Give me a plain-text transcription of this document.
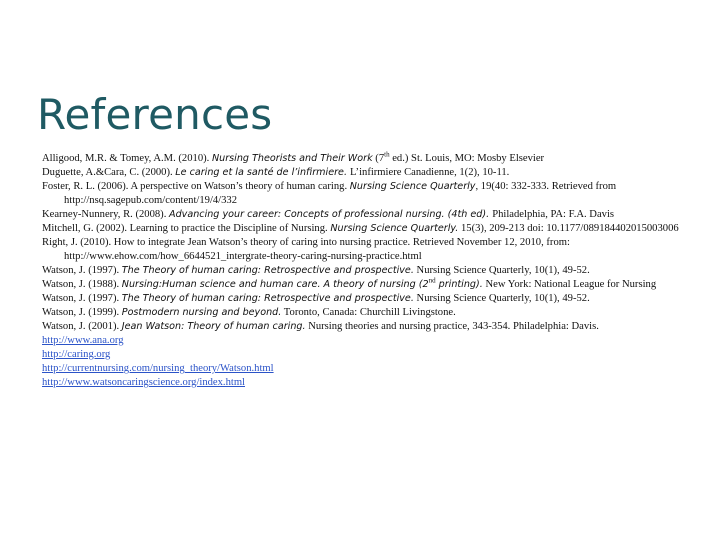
References

Alligood, M.R. & Tomey, A.M. (2010). Nursing Theorists and Their Work (7th ed.) St. Louis, MO: Mosby Elsevier

Duguette, A.&Cara, C. (2000). Le caring et la santé de l’infirmiere. L’infirmiere Canadienne, 1(2), 10-11.

Foster, R. L. (2006). A perspective on Watson’s theory of human caring. Nursing Science Quarterly, 19(40: 332-333. Retrieved from http://nsq.sagepub.com/content/19/4/332

Kearney-Nunnery, R. (2008). Advancing your career: Concepts of professional nursing. (4th ed). Philadelphia, PA: F.A. Davis

Mitchell, G. (2002). Learning to practice the Discipline of Nursing. Nursing Science Quarterly. 15(3), 209-213 doi: 10.1177/089184402015003006

Right, J. (2010). How to integrate Jean Watson’s theory of caring into nursing practice. Retrieved November 12, 2010, from: http://www.ehow.com/how_6644521_intergrate-theory-caring-nursing-practice.html

Watson, J. (1997). The Theory of human caring: Retrospective and prospective. Nursing Science Quarterly, 10(1), 49-52.

Watson, J. (1988). Nursing:Human science and human care. A theory of nursing (2nd printing). New York: National League for Nursing

Watson, J. (1997). The Theory of human caring: Retrospective and prospective. Nursing Science Quarterly, 10(1), 49-52.

Watson, J. (1999). Postmodern nursing and beyond. Toronto, Canada: Churchill Livingstone.

Watson, J. (2001). Jean Watson: Theory of human caring. Nursing theories and nursing practice, 343-354. Philadelphia: Davis.

http://www.ana.org

http://caring.org

http://currentnursing.com/nursing_theory/Watson.html

http://www.watsoncaringscience.org/index.html
